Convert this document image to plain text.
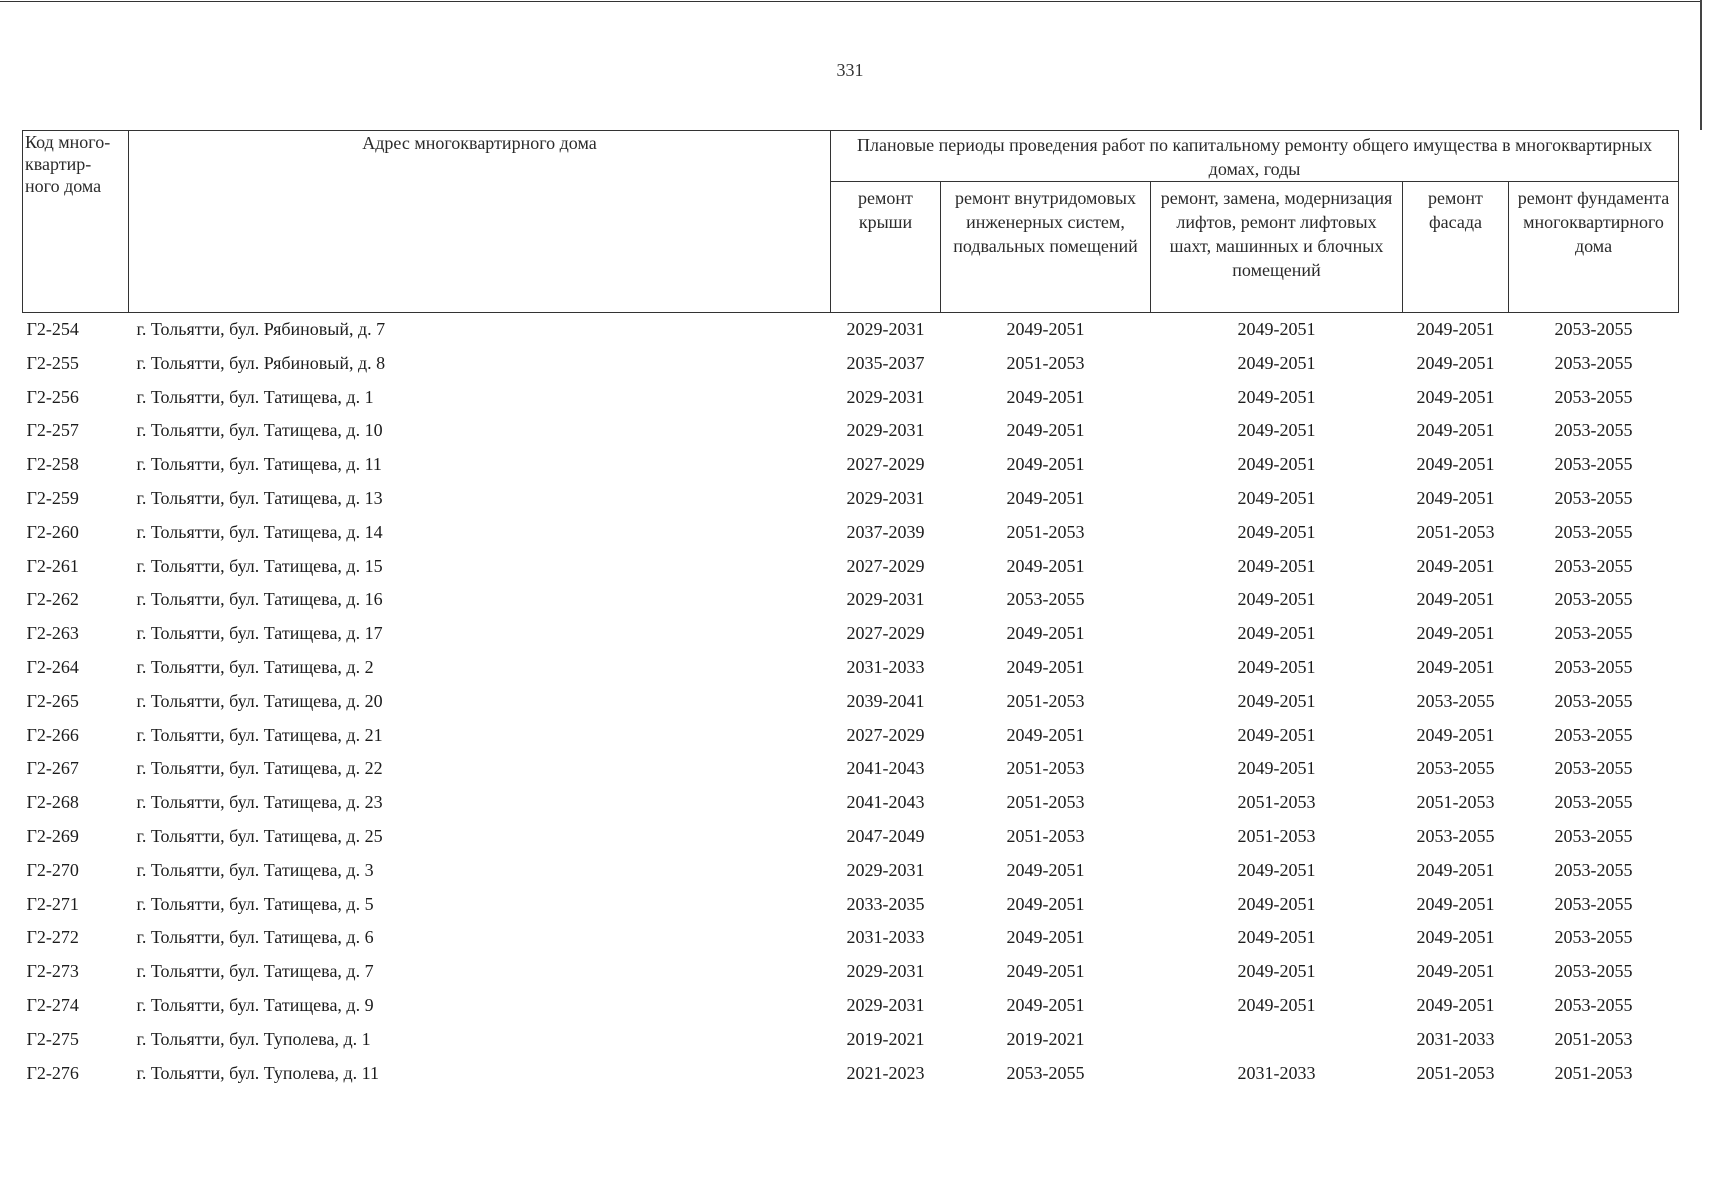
331
Код много-квартир-ного дома	Адрес многоквартирного дома	Плановые периоды проведения работ по капитальному ремонту общего имущества в многоквартирных домах, годы				
		ремонт крыши	ремонт внутридомовых инженерных систем, подвальных помещений	ремонт, замена, модернизация лифтов, ремонт лифтовых шахт, машинных и блочных помещений	ремонт фасада	ремонт фундамента многоквартирного дома
Г2-254	г. Тольятти, бул. Рябиновый, д. 7	2029-2031	2049-2051	2049-2051	2049-2051	2053-2055
Г2-255	г. Тольятти, бул. Рябиновый, д. 8	2035-2037	2051-2053	2049-2051	2049-2051	2053-2055
Г2-256	г. Тольятти, бул. Татищева, д. 1	2029-2031	2049-2051	2049-2051	2049-2051	2053-2055
Г2-257	г. Тольятти, бул. Татищева, д. 10	2029-2031	2049-2051	2049-2051	2049-2051	2053-2055
Г2-258	г. Тольятти, бул. Татищева, д. 11	2027-2029	2049-2051	2049-2051	2049-2051	2053-2055
Г2-259	г. Тольятти, бул. Татищева, д. 13	2029-2031	2049-2051	2049-2051	2049-2051	2053-2055
Г2-260	г. Тольятти, бул. Татищева, д. 14	2037-2039	2051-2053	2049-2051	2051-2053	2053-2055
Г2-261	г. Тольятти, бул. Татищева, д. 15	2027-2029	2049-2051	2049-2051	2049-2051	2053-2055
Г2-262	г. Тольятти, бул. Татищева, д. 16	2029-2031	2053-2055	2049-2051	2049-2051	2053-2055
Г2-263	г. Тольятти, бул. Татищева, д. 17	2027-2029	2049-2051	2049-2051	2049-2051	2053-2055
Г2-264	г. Тольятти, бул. Татищева, д. 2	2031-2033	2049-2051	2049-2051	2049-2051	2053-2055
Г2-265	г. Тольятти, бул. Татищева, д. 20	2039-2041	2051-2053	2049-2051	2053-2055	2053-2055
Г2-266	г. Тольятти, бул. Татищева, д. 21	2027-2029	2049-2051	2049-2051	2049-2051	2053-2055
Г2-267	г. Тольятти, бул. Татищева, д. 22	2041-2043	2051-2053	2049-2051	2053-2055	2053-2055
Г2-268	г. Тольятти, бул. Татищева, д. 23	2041-2043	2051-2053	2051-2053	2051-2053	2053-2055
Г2-269	г. Тольятти, бул. Татищева, д. 25	2047-2049	2051-2053	2051-2053	2053-2055	2053-2055
Г2-270	г. Тольятти, бул. Татищева, д. 3	2029-2031	2049-2051	2049-2051	2049-2051	2053-2055
Г2-271	г. Тольятти, бул. Татищева, д. 5	2033-2035	2049-2051	2049-2051	2049-2051	2053-2055
Г2-272	г. Тольятти, бул. Татищева, д. 6	2031-2033	2049-2051	2049-2051	2049-2051	2053-2055
Г2-273	г. Тольятти, бул. Татищева, д. 7	2029-2031	2049-2051	2049-2051	2049-2051	2053-2055
Г2-274	г. Тольятти, бул. Татищева, д. 9	2029-2031	2049-2051	2049-2051	2049-2051	2053-2055
Г2-275	г. Тольятти, бул. Туполева, д. 1	2019-2021	2019-2021		2031-2033	2051-2053
Г2-276	г. Тольятти, бул. Туполева, д. 11	2021-2023	2053-2055	2031-2033	2051-2053	2051-2053
